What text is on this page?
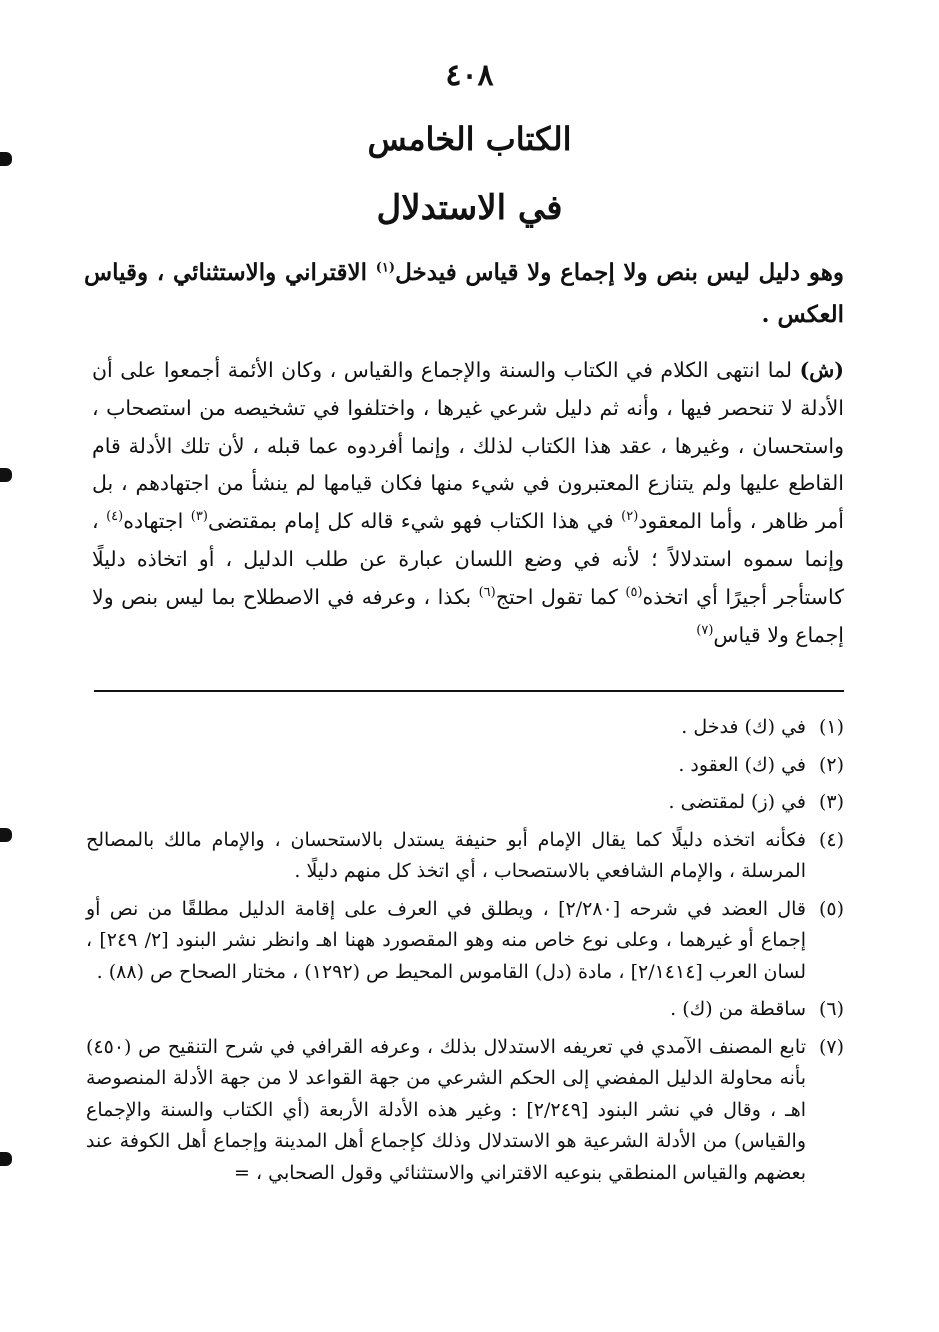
٤٠٨
الكتاب الخامس
في الاستدلال

وهو دليل ليس بنص ولا إجماع ولا قياس فيدخل$^{(١)}$ الاقتراني والاستثنائي ، وقياس العكس .

(ش) لما انتهى الكلام في الكتاب والسنة والإجماع والقياس ، وكان الأئمة أجمعوا على أن الأدلة لا تنحصر فيها ، وأنه ثم دليل شرعي غيرها ، واختلفوا في تشخيصه من استصحاب ، واستحسان ، وغيرها ، عقد هذا الكتاب لذلك ، وإنما أفردوه عما قبله ، لأن تلك الأدلة قام القاطع عليها ولم يتنازع المعتبرون في شيء منها فكان قيامها لم ينشأ من اجتهادهم ، بل أمر ظاهر ، وأما المعقود$^{(٢)}$ في هذا الكتاب فهو شيء قاله كل إمام بمقتضى$^{(٣)}$ اجتهاده$^{(٤)}$ ، وإنما سموه استدلالاً ؛ لأنه في وضع اللسان عبارة عن طلب الدليل ، أو اتخاذه دليلًا كاستأجر أجيرًا أي اتخذه$^{(٥)}$ كما تقول احتج$^{(٦)}$ بكذا ، وعرفه في الاصطلاح بما ليس بنص ولا إجماع ولا قياس$^{(٧)}$

(١)
في (ك) فدخل .
(٢)
في (ك) العقود .
(٣)
في (ز) لمقتضى .
(٤)
فكأنه اتخذه دليلًا كما يقال الإمام أبو حنيفة يستدل بالاستحسان ، والإمام مالك بالمصالح المرسلة ، والإمام الشافعي بالاستصحاب ، أي اتخذ كل منهم دليلًا .
(٥)
قال العضد في شرحه [٢/٢٨٠] ، ويطلق في العرف على إقامة الدليل مطلقًا من نص أو إجماع أو غيرهما ، وعلى نوع خاص منه وهو المقصورد ههنا اهـ وانظر نشر البنود [٢/ ٢٤٩] ، لسان العرب [٢/١٤١٤] ، مادة (دل) القاموس المحيط ص (١٢٩٢) ، مختار الصحاح ص (٨٨) .
(٦)
ساقطة من (ك) .
(٧)
تابع المصنف الآمدي في تعريفه الاستدلال بذلك ، وعرفه القرافي في شرح التنقيح ص (٤٥٠) بأنه محاولة الدليل المفضي إلى الحكم الشرعي من جهة القواعد لا من جهة الأدلة المنصوصة اهـ ، وقال في نشر البنود [٢/٢٤٩] : وغير هذه الأدلة الأربعة (أي الكتاب والسنة والإجماع والقياس) من الأدلة الشرعية هو الاستدلال وذلك كإجماع أهل المدينة وإجماع أهل الكوفة عند بعضهم والقياس المنطقي بنوعيه الاقتراني والاستثنائي وقول الصحابي ، =
